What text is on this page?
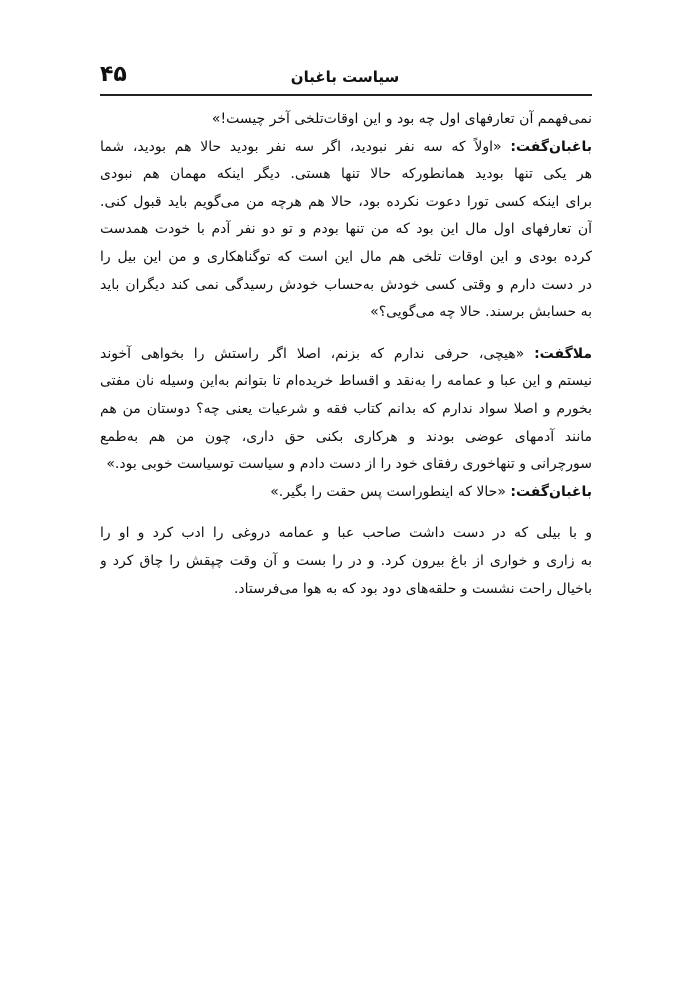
۴۵	سیاست باغبان

نمی‌فهمم آن تعارفهای اول چه بود و این اوقات‌تلخی آخر چیست!»

باغبان‌گفت: «اولاً که سه نفر نبودید، اگر سه نفر بودید حالا هم بودید، شما
هر یکی تنها بودید همانطورکه حالا تنها هستی. دیگر اینکه مهمان هم نبودی
برای اینکه کسی تورا دعوت نکرده بود، حالا هم هرچه من می‌گویم باید قبول کنی.
آن تعارفهای اول مال این بود که من تنها بودم و تو دو نفر آدم با خودت همدست
کرده بودی و این اوقات تلخی هم مال این است که توگناهکاری و من این بیل را
در دست دارم و وقتی کسی خودش به‌حساب خودش رسیدگی نمی کند دیگران باید
به حسابش برسند. حالا چه می‌گویی؟»

ملاگفت: «هیچی، حرفی ندارم که بزنم، اصلا اگر راستش را بخواهی آخوند
نیستم و این عبا و عمامه را به‌نقد و اقساط خریده‌ام تا بتوانم به‌این وسیله نان مفتی
بخورم و اصلا سواد ندارم که بدانم کتاب فقه و شرعیات یعنی چه؟ دوستان من هم
مانند آدمهای عوضی بودند و هرکاری بکنی حق داری، چون من هم به‌طمع
سورچرانی و تنهاخوری رفقای خود را از دست دادم و سیاست توسیاست خوبی بود.»

باغبان‌گفت: «حالا که اینطوراست پس حقت را بگیر.»

و با بیلی که در دست داشت صاحب عبا و عمامه دروغی را ادب کرد و او را
به زاری و خواری از باغ بیرون کرد. و در را بست و آن وقت چپقش را چاق کرد و
باخیال راحت نشست و حلقه‌های دود بود که به هوا می‌فرستاد.
